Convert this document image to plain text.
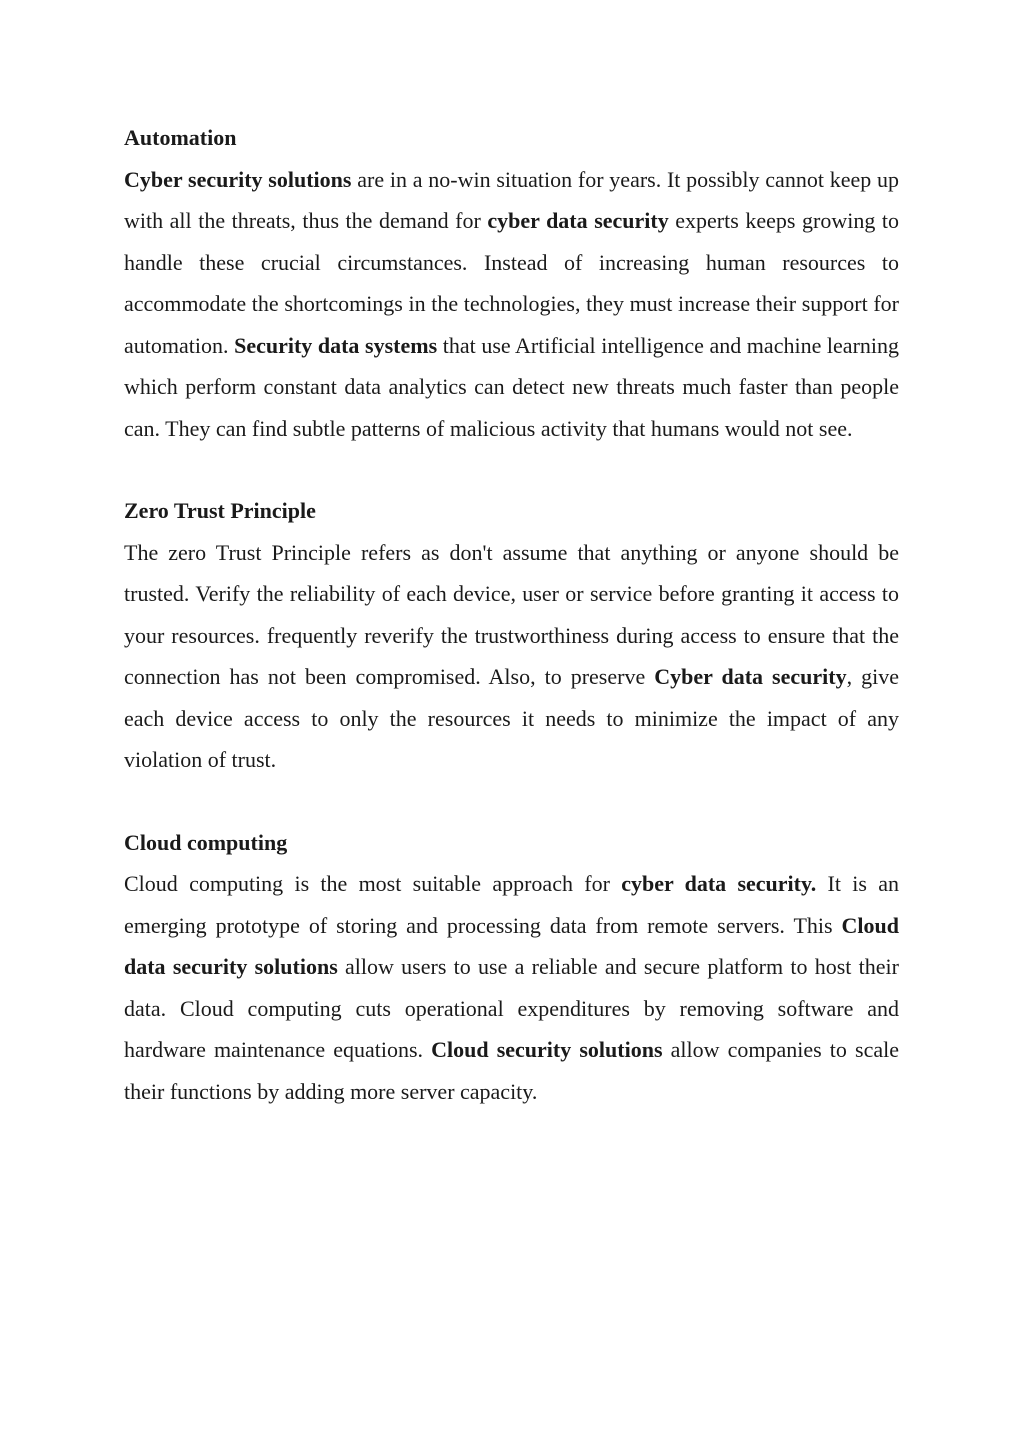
Automation

Cyber security solutions are in a no-win situation for years. It possibly cannot keep up with all the threats, thus the demand for cyber data security experts keeps growing to handle these crucial circumstances. Instead of increasing human resources to accommodate the shortcomings in the technologies, they must increase their support for automation. Security data systems that use Artificial intelligence and machine learning which perform constant data analytics can detect new threats much faster than people can. They can find subtle patterns of malicious activity that humans would not see.

Zero Trust Principle

The zero Trust Principle refers as don't assume that anything or anyone should be trusted. Verify the reliability of each device, user or service before granting it access to your resources. frequently reverify the trustworthiness during access to ensure that the connection has not been compromised. Also, to preserve Cyber data security, give each device access to only the resources it needs to minimize the impact of any violation of trust.

Cloud computing

Cloud computing is the most suitable approach for cyber data security. It is an emerging prototype of storing and processing data from remote servers. This Cloud data security solutions allow users to use a reliable and secure platform to host their data. Cloud computing cuts operational expenditures by removing software and hardware maintenance equations. Cloud security solutions allow companies to scale their functions by adding more server capacity.
